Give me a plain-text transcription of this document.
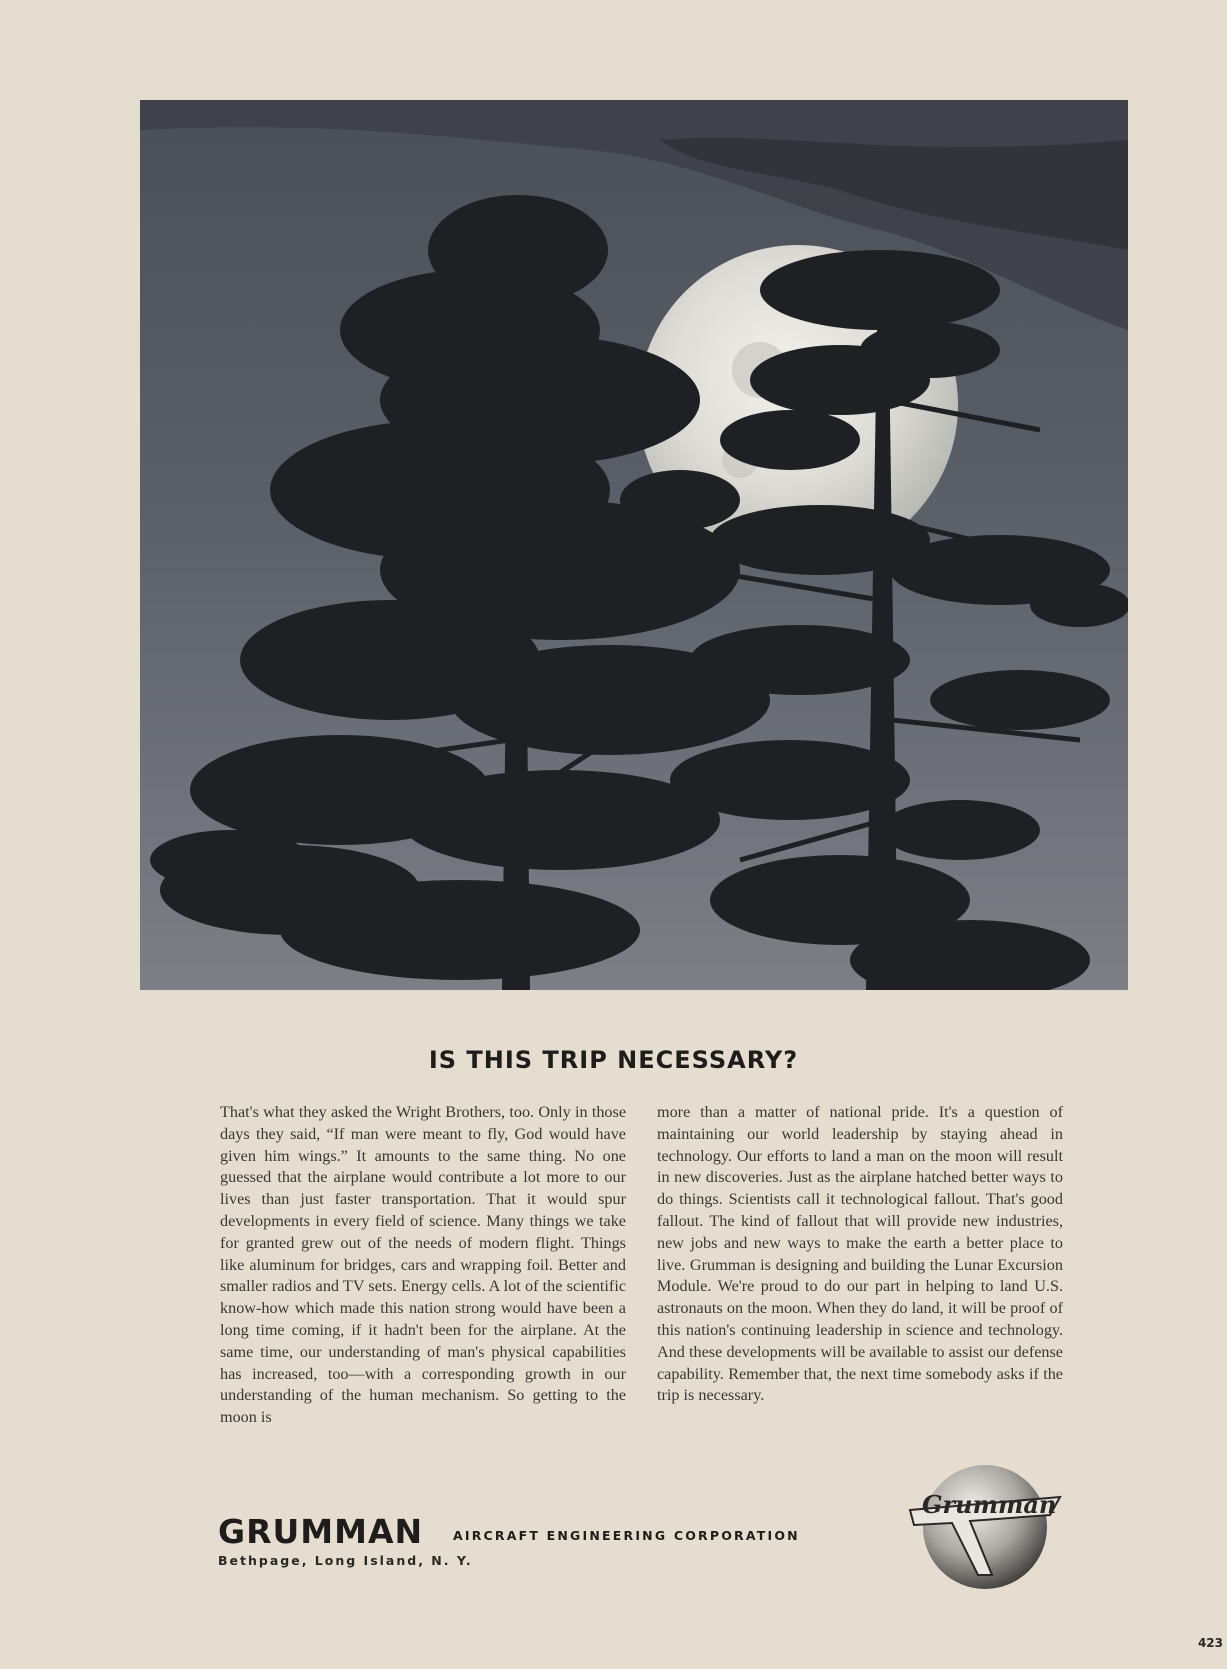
IS THIS TRIP NECESSARY?
That's what they asked the Wright Brothers, too. Only in those days they said, “If man were meant to fly, God would have given him wings.” It amounts to the same thing. No one guessed that the airplane would contribute a lot more to our lives than just faster transportation. That it would spur developments in every field of science. Many things we take for granted grew out of the needs of modern flight. Things like aluminum for bridges, cars and wrapping foil. Better and smaller radios and TV sets. Energy cells. A lot of the scientific know-how which made this nation strong would have been a long time coming, if it hadn't been for the airplane. At the same time, our understanding of man's physical capabilities has increased, too—with a corresponding growth in our understanding of the human mechanism. So getting to the moon is
more than a matter of national pride. It's a question of maintaining our world leadership by staying ahead in technology. Our efforts to land a man on the moon will result in new discoveries. Just as the airplane hatched better ways to do things. Scientists call it technological fallout. That's good fallout. The kind of fallout that will provide new industries, new jobs and new ways to make the earth a better place to live. Grumman is designing and building the Lunar Excursion Module. We're proud to do our part in helping to land U.S. astronauts on the moon. When they do land, it will be proof of this nation's continuing leadership in science and technology. And these developments will be available to assist our defense capability. Remember that, the next time somebody asks if the trip is necessary.
GRUMMAN AIRCRAFT ENGINEERING CORPORATION
Bethpage, Long Island, N. Y.
Grumman
423
